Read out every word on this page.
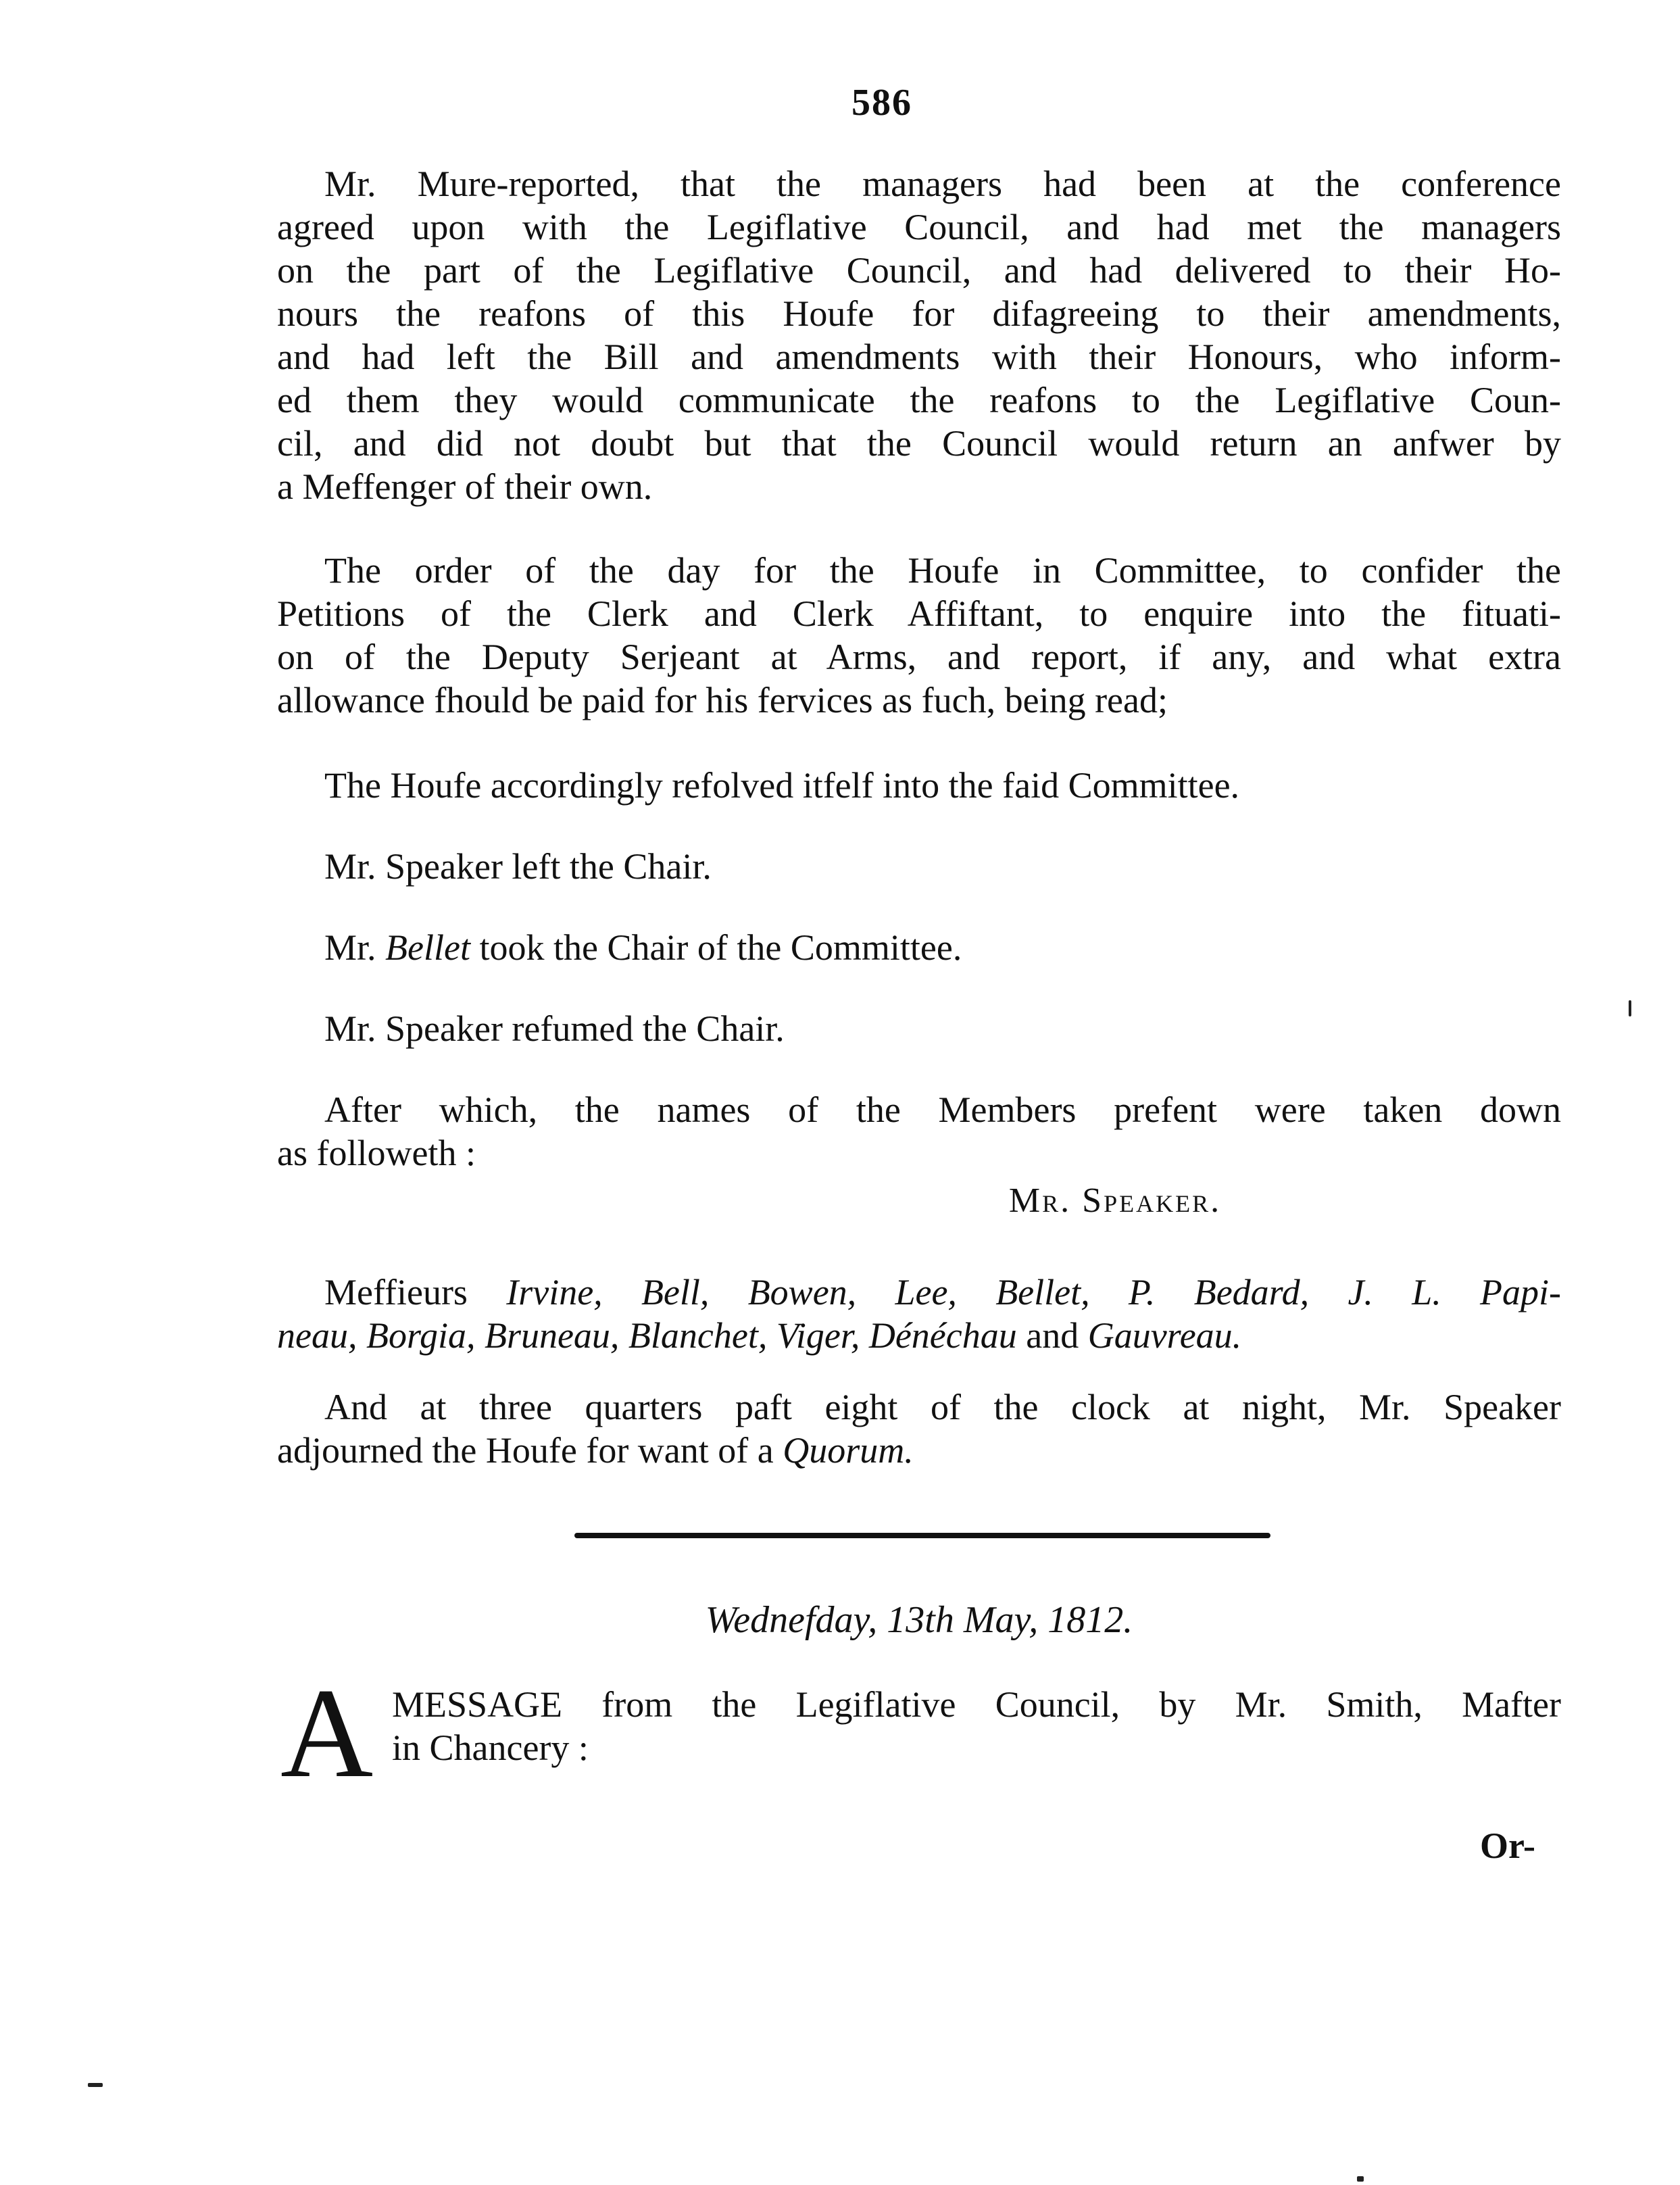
586
Mr. Mure-reported, that the managers had been at the conference
agreed upon with the Legiflative Council, and had met the managers
on the part of the Legiflative Council, and had delivered to their Ho-
nours the reafons of this Houfe for difagreeing to their amendments,
and had left the Bill and amendments with their Honours, who inform-
ed them they would communicate the reafons to the Legiflative Coun-
cil, and did not doubt but that the Council would return an anfwer by
a Meffenger of their own.
The order of the day for the Houfe in Committee, to confider the
Petitions of the Clerk and Clerk Affiftant, to enquire into the fituati-
on of the Deputy Serjeant at Arms, and report, if any, and what extra
allowance fhould be paid for his fervices as fuch, being read;
The Houfe accordingly refolved itfelf into the faid Committee.
Mr. Speaker left the Chair.
Mr. Bellet took the Chair of the Committee.
Mr. Speaker refumed the Chair.
After which, the names of the Members prefent were taken down
as followeth :
Mr. Speaker.
Meffieurs Irvine, Bell, Bowen, Lee, Bellet, P. Bedard, J. L. Papi-
neau, Borgia, Bruneau, Blanchet, Viger, Dénéchau and Gauvreau.
And at three quarters paft eight of the clock at night, Mr. Speaker
adjourned the Houfe for want of a Quorum.
Wednefday, 13th May, 1812.
A MESSAGE from the Legiflative Council, by Mr. Smith, Mafter
in Chancery :
Or-
